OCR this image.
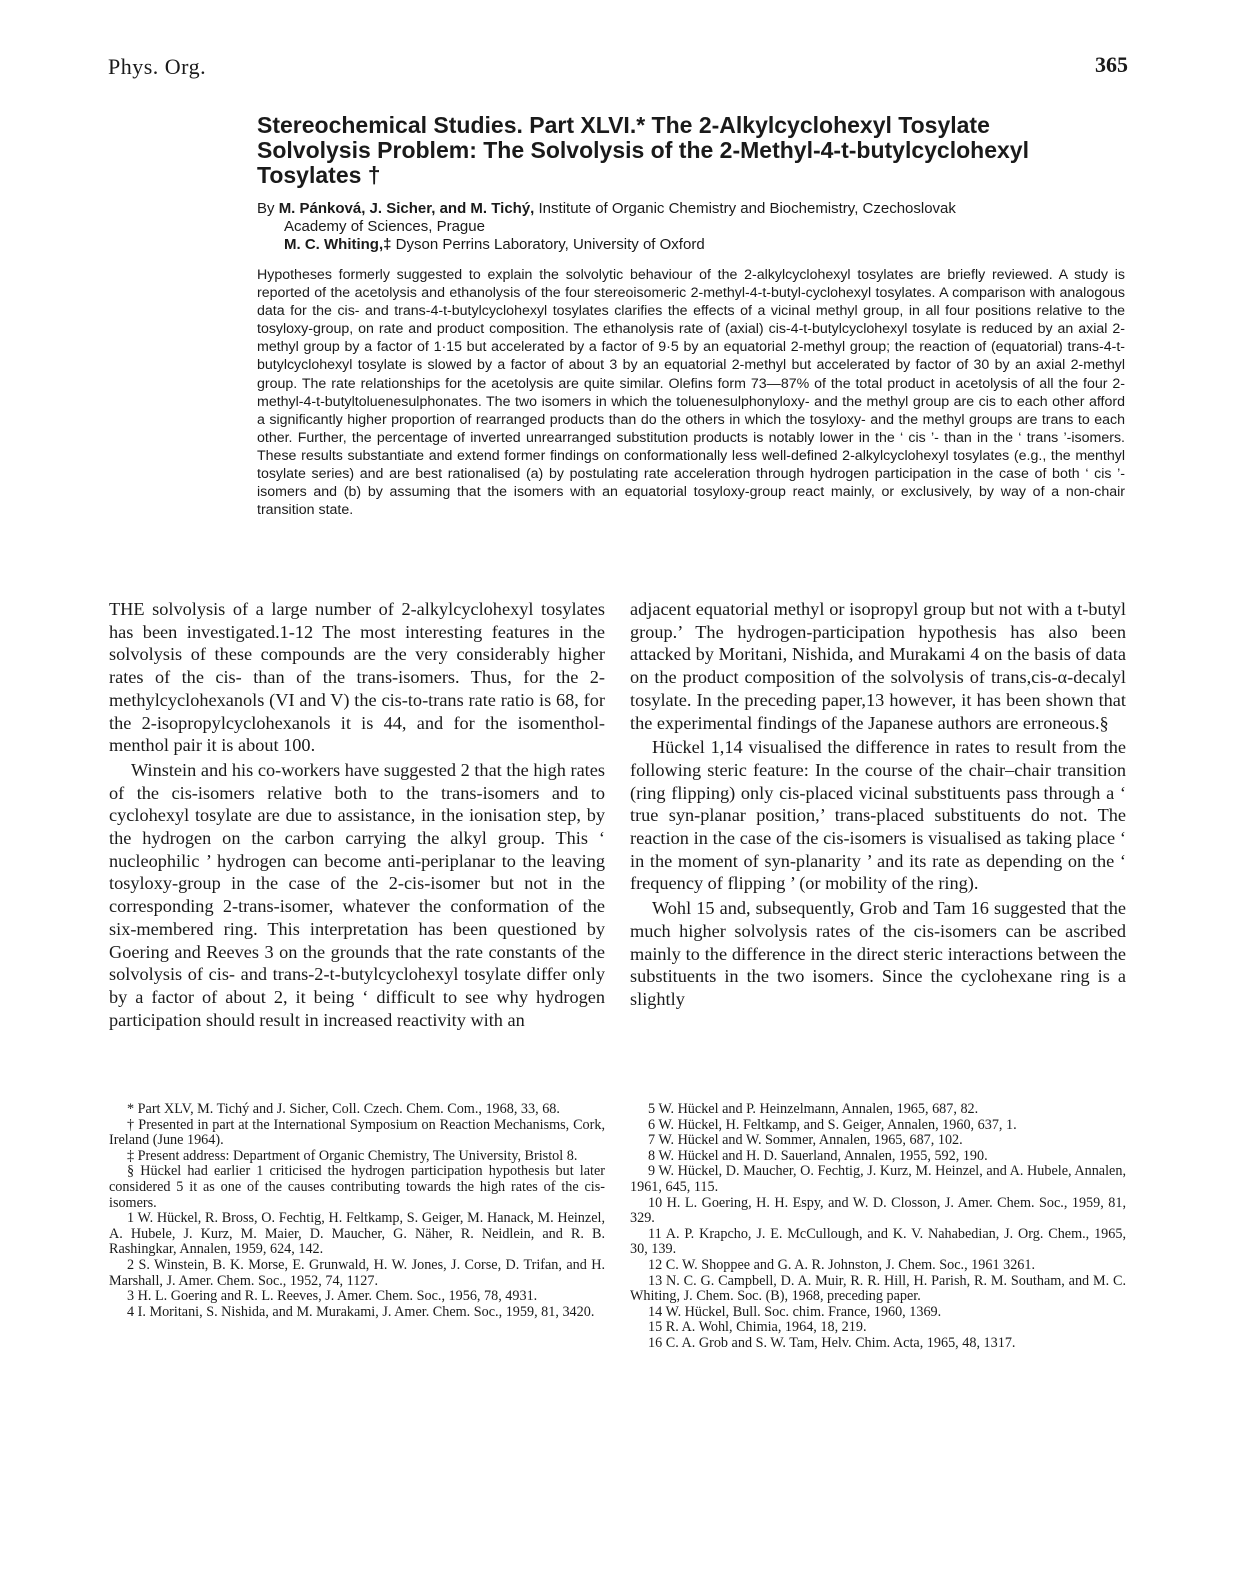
Phys. Org.	365
Stereochemical Studies. Part XLVI.* The 2-Alkylcyclohexyl Tosylate
Solvolysis Problem: The Solvolysis of the 2-Methyl-4-t-butylcyclohexyl
Tosylates †
By M. Pánková, J. Sicher, and M. Tichý, Institute of Organic Chemistry and Biochemistry, Czechoslovak
Academy of Sciences, Prague
M. C. Whiting,‡ Dyson Perrins Laboratory, University of Oxford
Hypotheses formerly suggested to explain the solvolytic behaviour of the 2-alkylcyclohexyl tosylates are briefly reviewed. A study is reported of the acetolysis and ethanolysis of the four stereoisomeric 2-methyl-4-t-butyl-cyclohexyl tosylates. A comparison with analogous data for the cis- and trans-4-t-butylcyclohexyl tosylates clarifies the effects of a vicinal methyl group, in all four positions relative to the tosyloxy-group, on rate and product composition. The ethanolysis rate of (axial) cis-4-t-butylcyclohexyl tosylate is reduced by an axial 2-methyl group by a factor of 1·15 but accelerated by a factor of 9·5 by an equatorial 2-methyl group; the reaction of (equatorial) trans-4-t-butylcyclohexyl tosylate is slowed by a factor of about 3 by an equatorial 2-methyl but accelerated by factor of 30 by an axial 2-methyl group. The rate relationships for the acetolysis are quite similar. Olefins form 73—87% of the total product in acetolysis of all the four 2-methyl-4-t-butyltoluenesulphonates. The two isomers in which the toluenesulphonyloxy- and the methyl group are cis to each other afford a significantly higher proportion of rearranged products than do the others in which the tosyloxy- and the methyl groups are trans to each other. Further, the percentage of inverted unrearranged substitution products is notably lower in the ‘ cis ’- than in the ‘ trans ’-isomers. These results substantiate and extend former findings on conformationally less well-defined 2-alkylcyclohexyl tosylates (e.g., the menthyl tosylate series) and are best rationalised (a) by postulating rate acceleration through hydrogen participation in the case of both ‘ cis ’-isomers and (b) by assuming that the isomers with an equatorial tosyloxy-group react mainly, or exclusively, by way of a non-chair transition state.

THE solvolysis of a large number of 2-alkylcyclohexyl tosylates has been investigated.1-12 The most interesting features in the solvolysis of these compounds are the very considerably higher rates of the cis- than of the trans-isomers. Thus, for the 2-methylcyclohexanols (VI and V) the cis-to-trans rate ratio is 68, for the 2-isopropylcyclohexanols it is 44, and for the isomenthol-menthol pair it is about 100.

Winstein and his co-workers have suggested 2 that the high rates of the cis-isomers relative both to the trans-isomers and to cyclohexyl tosylate are due to assistance, in the ionisation step, by the hydrogen on the carbon carrying the alkyl group. This ‘ nucleophilic ’ hydrogen can become anti-periplanar to the leaving tosyloxy-group in the case of the 2-cis-isomer but not in the corresponding 2-trans-isomer, whatever the conformation of the six-membered ring. This interpretation has been questioned by Goering and Reeves 3 on the grounds that the rate constants of the solvolysis of cis- and trans-2-t-butylcyclohexyl tosylate differ only by a factor of about 2, it being ‘ difficult to see why hydrogen participation should result in increased reactivity with an

adjacent equatorial methyl or isopropyl group but not with a t-butyl group.’ The hydrogen-participation hypothesis has also been attacked by Moritani, Nishida, and Murakami 4 on the basis of data on the product composition of the solvolysis of trans,cis-α-decalyl tosylate. In the preceding paper,13 however, it has been shown that the experimental findings of the Japanese authors are erroneous.§

Hückel 1,14 visualised the difference in rates to result from the following steric feature: In the course of the chair–chair transition (ring flipping) only cis-placed vicinal substituents pass through a ‘ true syn-planar position,’ trans-placed substituents do not. The reaction in the case of the cis-isomers is visualised as taking place ‘ in the moment of syn-planarity ’ and its rate as depending on the ‘ frequency of flipping ’ (or mobility of the ring).

Wohl 15 and, subsequently, Grob and Tam 16 suggested that the much higher solvolysis rates of the cis-isomers can be ascribed mainly to the difference in the direct steric interactions between the substituents in the two isomers. Since the cyclohexane ring is a slightly

* Part XLV, M. Tichý and J. Sicher, Coll. Czech. Chem. Com., 1968, 33, 68.

† Presented in part at the International Symposium on Reaction Mechanisms, Cork, Ireland (June 1964).

‡ Present address: Department of Organic Chemistry, The University, Bristol 8.

§ Hückel had earlier 1 criticised the hydrogen participation hypothesis but later considered 5 it as one of the causes contributing towards the high rates of the cis-isomers.

1 W. Hückel, R. Bross, O. Fechtig, H. Feltkamp, S. Geiger, M. Hanack, M. Heinzel, A. Hubele, J. Kurz, M. Maier, D. Maucher, G. Näher, R. Neidlein, and R. B. Rashingkar, Annalen, 1959, 624, 142.

2 S. Winstein, B. K. Morse, E. Grunwald, H. W. Jones, J. Corse, D. Trifan, and H. Marshall, J. Amer. Chem. Soc., 1952, 74, 1127.

3 H. L. Goering and R. L. Reeves, J. Amer. Chem. Soc., 1956, 78, 4931.

4 I. Moritani, S. Nishida, and M. Murakami, J. Amer. Chem. Soc., 1959, 81, 3420.

5 W. Hückel and P. Heinzelmann, Annalen, 1965, 687, 82.

6 W. Hückel, H. Feltkamp, and S. Geiger, Annalen, 1960, 637, 1.

7 W. Hückel and W. Sommer, Annalen, 1965, 687, 102.

8 W. Hückel and H. D. Sauerland, Annalen, 1955, 592, 190.

9 W. Hückel, D. Maucher, O. Fechtig, J. Kurz, M. Heinzel, and A. Hubele, Annalen, 1961, 645, 115.

10 H. L. Goering, H. H. Espy, and W. D. Closson, J. Amer. Chem. Soc., 1959, 81, 329.

11 A. P. Krapcho, J. E. McCullough, and K. V. Nahabedian, J. Org. Chem., 1965, 30, 139.

12 C. W. Shoppee and G. A. R. Johnston, J. Chem. Soc., 1961 3261.

13 N. C. G. Campbell, D. A. Muir, R. R. Hill, H. Parish, R. M. Southam, and M. C. Whiting, J. Chem. Soc. (B), 1968, preceding paper.

14 W. Hückel, Bull. Soc. chim. France, 1960, 1369.

15 R. A. Wohl, Chimia, 1964, 18, 219.

16 C. A. Grob and S. W. Tam, Helv. Chim. Acta, 1965, 48, 1317.
